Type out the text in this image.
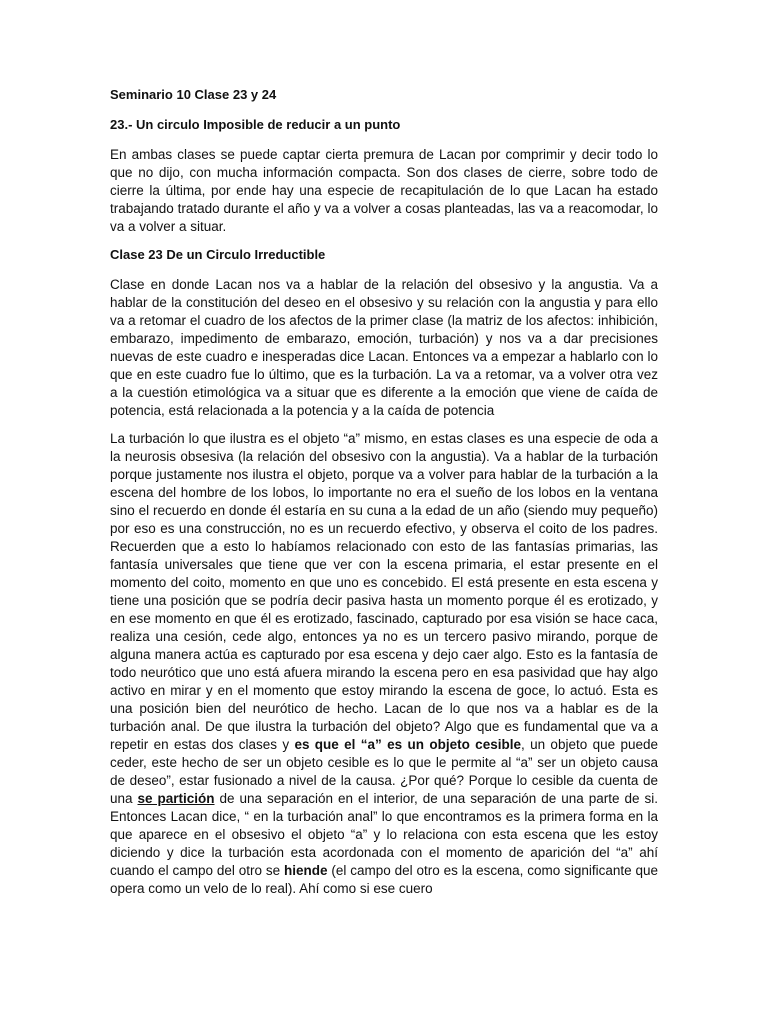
Seminario 10 Clase 23 y 24
23.- Un circulo Imposible de reducir a un punto

En ambas clases se puede captar cierta premura de Lacan por comprimir y decir todo lo que no dijo, con mucha información compacta. Son dos clases de cierre, sobre todo de cierre la última, por ende hay una especie de recapitulación de lo que Lacan ha estado trabajando tratado durante el año y va a volver a cosas planteadas, las va a reacomodar, lo va a volver a situar.

Clase 23 De un Circulo Irreductible

Clase en donde Lacan nos va a hablar de la relación del obsesivo y la angustia. Va a hablar de la constitución del deseo en el obsesivo y su relación con la angustia y para ello va a retomar el cuadro de los afectos de la primer clase (la matriz de los afectos: inhibición, embarazo, impedimento de embarazo, emoción, turbación) y nos va a dar precisiones nuevas de este cuadro e inesperadas dice Lacan. Entonces va a empezar a hablarlo con lo que en este cuadro fue lo último, que es la turbación. La va a retomar, va a volver otra vez a la cuestión etimológica va a situar que es diferente a la emoción que viene de caída de potencia, está relacionada a la potencia y a la caída de potencia

La turbación lo que ilustra es el objeto “a” mismo, en estas clases es una especie de oda a la neurosis obsesiva (la relación del obsesivo con la angustia). Va a hablar de la turbación porque justamente nos ilustra el objeto, porque va a volver para hablar de la turbación a la escena del hombre de los lobos, lo importante no era el sueño de los lobos en la ventana sino el recuerdo en donde él estaría en su cuna a la edad de un año (siendo muy pequeño) por eso es una construcción, no es un recuerdo efectivo, y observa el coito de los padres. Recuerden que a esto lo habíamos relacionado con esto de las fantasías primarias, las fantasía universales que tiene que ver con la escena primaria, el estar presente en el momento del coito, momento en que uno es concebido. El está presente en esta escena y tiene una posición que se podría decir pasiva hasta un momento porque él es erotizado, y en ese momento en que él es erotizado, fascinado, capturado por esa visión se hace caca, realiza una cesión, cede algo, entonces ya no es un tercero pasivo mirando, porque de alguna manera actúa es capturado por esa escena y dejo caer algo. Esto es la fantasía de todo neurótico que uno está afuera mirando la escena pero en esa pasividad que hay algo activo en mirar y en el momento que estoy mirando la escena de goce, lo actuó. Esta es una posición bien del neurótico de hecho. Lacan de lo que nos va a hablar es de la turbación anal. De que ilustra la turbación del objeto? Algo que es fundamental que va a repetir en estas dos clases y es que el “a” es un objeto cesible, un objeto que puede ceder, este hecho de ser un objeto cesible es lo que le permite al “a” ser un objeto causa de deseo”, estar fusionado a nivel de la causa. ¿Por qué? Porque lo cesible da cuenta de una se partición de una separación en el interior, de una separación de una parte de si. Entonces Lacan dice, “ en la turbación anal” lo que encontramos es la primera forma en la que aparece en el obsesivo el objeto “a” y lo relaciona con esta escena que les estoy diciendo y dice la turbación esta acordonada con el momento de aparición del “a” ahí cuando el campo del otro se hiende (el campo del otro es la escena, como significante que opera como un velo de lo real). Ahí como si ese cuero
